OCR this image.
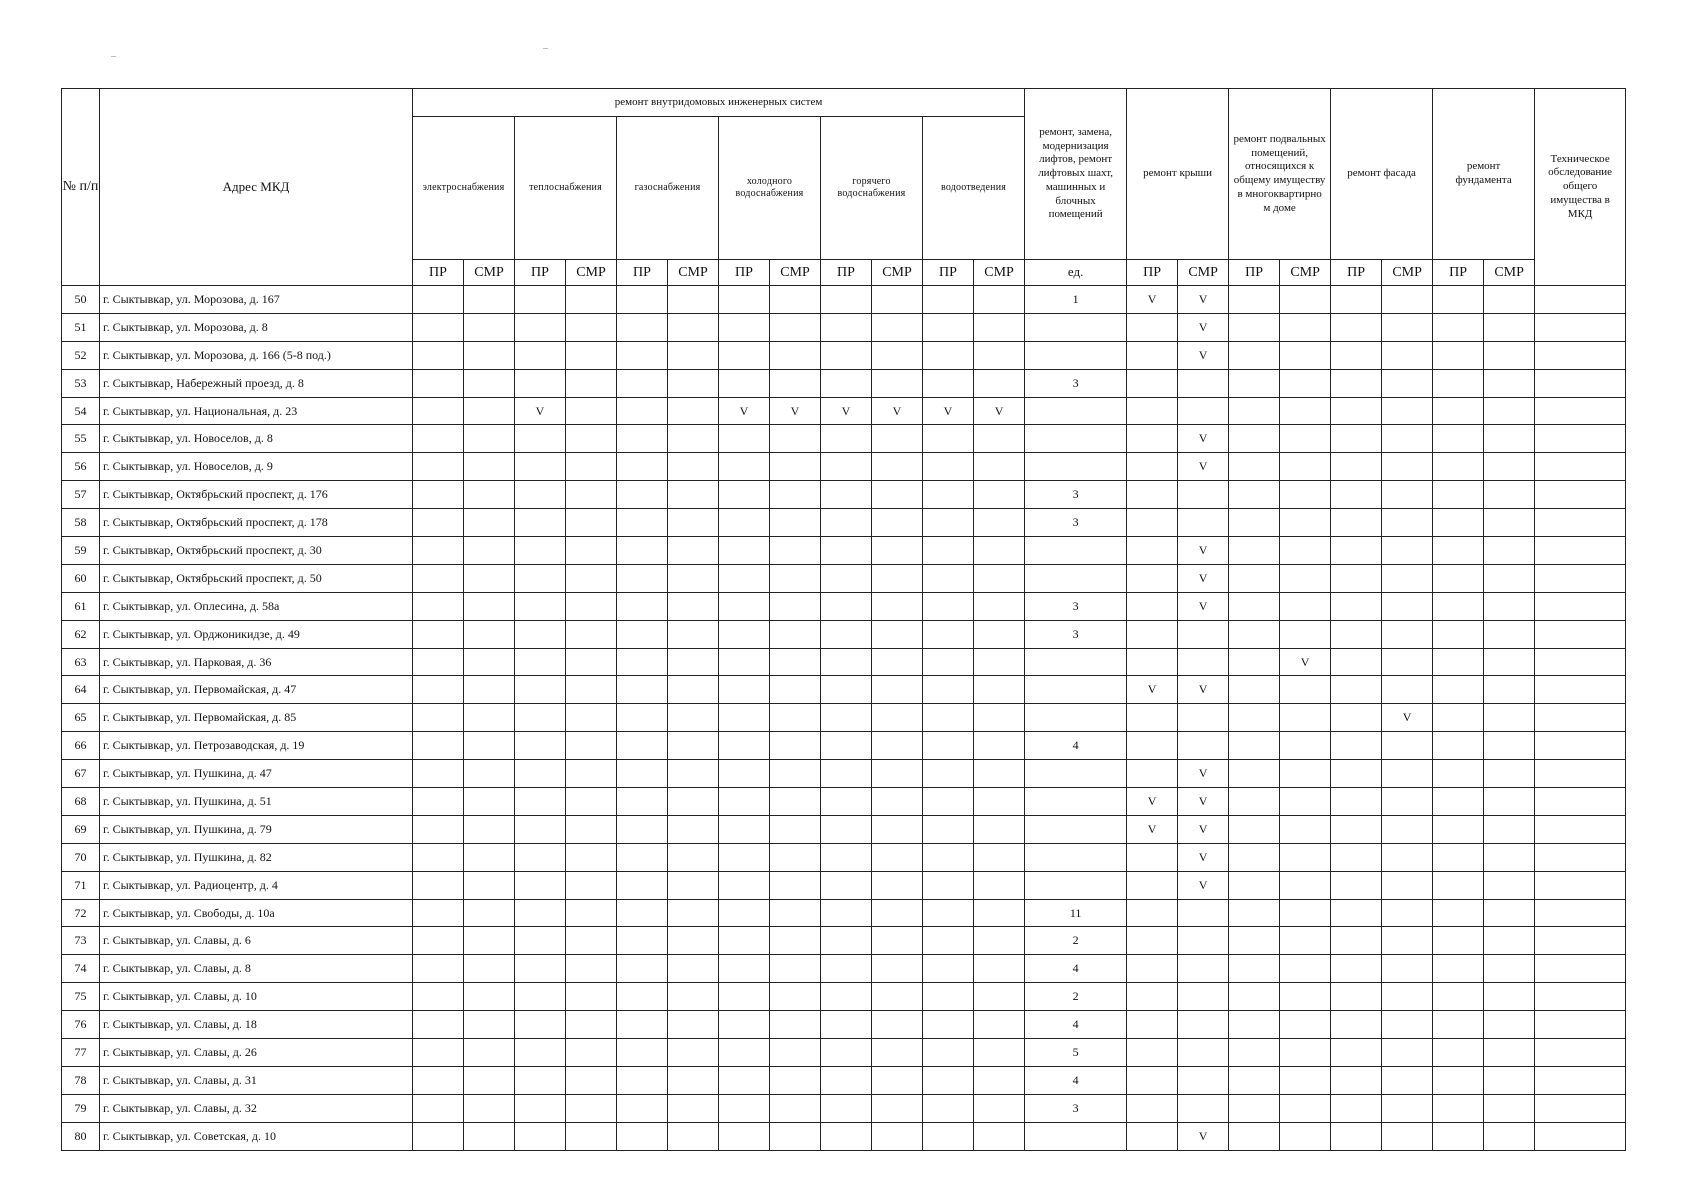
№ п/п	Адрес МКД	ремонт внутридомовых инженерных систем												ремонт, замена, модернизация лифтов, ремонт лифтовых шахт, машинных и блочных помещений	ремонт крыши		ремонт подвальных помещений, относящихся к общему имуществу в многоквартирно м доме		ремонт фасада		ремонт фундамента		Техническое обследование общего имущества в МКД
		электроснабжения		теплоснабжения		газоснабжения		холодного водоснабжения		горячего водоснабжения		водоотведения											
		ПР	СМР	ПР	СМР	ПР	СМР	ПР	СМР	ПР	СМР	ПР	СМР	ед.	ПР	СМР	ПР	СМР	ПР	СМР	ПР	СМР	
50	г. Сыктывкар, ул. Морозова, д. 167													1	V	V							
51	г. Сыктывкар, ул. Морозова, д. 8															V							
52	г. Сыктывкар, ул. Морозова, д. 166 (5-8 под.)															V							
53	г. Сыктывкар, Набережный проезд, д. 8													3									
54	г. Сыктывкар, ул. Национальная, д. 23			V				V	V	V	V	V	V										
55	г. Сыктывкар, ул. Новоселов, д. 8															V							
56	г. Сыктывкар, ул. Новоселов, д. 9															V							
57	г. Сыктывкар, Октябрьский проспект, д. 176													3									
58	г. Сыктывкар, Октябрьский проспект, д. 178													3									
59	г. Сыктывкар, Октябрьский проспект, д. 30															V							
60	г. Сыктывкар, Октябрьский проспект, д. 50															V							
61	г. Сыктывкар, ул. Оплесина, д. 58а													3		V							
62	г. Сыктывкар, ул. Орджоникидзе, д. 49													3									
63	г. Сыктывкар, ул. Парковая, д. 36																	V					
64	г. Сыктывкар, ул. Первомайская, д. 47														V	V							
65	г. Сыктывкар, ул. Первомайская, д. 85																			V			
66	г. Сыктывкар, ул. Петрозаводская, д. 19													4									
67	г. Сыктывкар, ул. Пушкина, д. 47															V							
68	г. Сыктывкар, ул. Пушкина, д. 51														V	V							
69	г. Сыктывкар, ул. Пушкина, д. 79														V	V							
70	г. Сыктывкар, ул. Пушкина, д. 82															V							
71	г. Сыктывкар, ул. Радиоцентр, д. 4															V							
72	г. Сыктывкар, ул. Свободы, д. 10а													11									
73	г. Сыктывкар, ул. Славы, д. 6													2									
74	г. Сыктывкар, ул. Славы, д. 8													4									
75	г. Сыктывкар, ул. Славы, д. 10													2									
76	г. Сыктывкар, ул. Славы, д. 18													4									
77	г. Сыктывкар, ул. Славы, д. 26													5									
78	г. Сыктывкар, ул. Славы, д. 31													4									
79	г. Сыктывкар, ул. Славы, д. 32													3									
80	г. Сыктывкар, ул. Советская, д. 10															V							
